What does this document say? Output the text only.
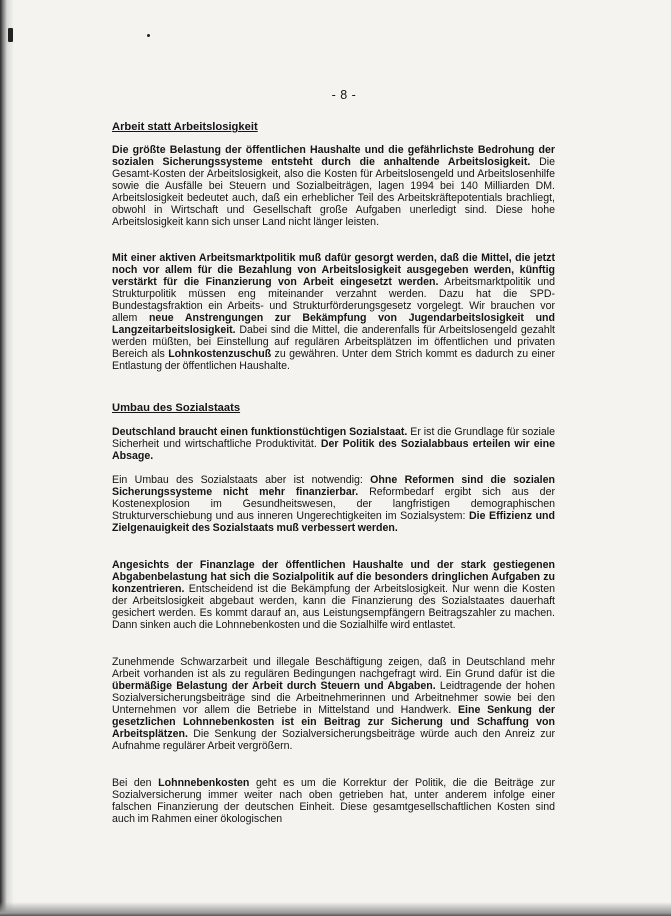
- 8 -
Arbeit statt Arbeitslosigkeit

Die größte Belastung der öffentlichen Haushalte und die gefährlichste Bedrohung der sozialen Sicherungssysteme entsteht durch die anhaltende Arbeitslosigkeit. Die Gesamt-Kosten der Arbeitslosigkeit, also die Kosten für Arbeitslosengeld und Arbeitslosenhilfe sowie die Ausfälle bei Steuern und Sozialbeiträgen, lagen 1994 bei 140 Milliarden DM. Arbeitslosigkeit bedeutet auch, daß ein erheblicher Teil des Arbeitskräftepotentials brachliegt, obwohl in Wirtschaft und Gesellschaft große Aufgaben unerledigt sind. Diese hohe Arbeitslosigkeit kann sich unser Land nicht länger leisten.

Mit einer aktiven Arbeitsmarktpolitik muß dafür gesorgt werden, daß die Mittel, die jetzt noch vor allem für die Bezahlung von Arbeitslosigkeit ausgegeben werden, künftig verstärkt für die Finanzierung von Arbeit eingesetzt werden. Arbeitsmarktpolitik und Strukturpolitik müssen eng miteinander verzahnt werden. Dazu hat die SPD-Bundestagsfraktion ein Arbeits- und Strukturförderungsgesetz vorgelegt. Wir brauchen vor allem neue Anstrengungen zur Bekämpfung von Jugendarbeitslosigkeit und Langzeitarbeitslosigkeit. Dabei sind die Mittel, die anderenfalls für Arbeitslosengeld gezahlt werden müßten, bei Einstellung auf regulären Arbeitsplätzen im öffentlichen und privaten Bereich als Lohnkostenzuschuß zu gewähren. Unter dem Strich kommt es dadurch zu einer Entlastung der öffentlichen Haushalte.

Umbau des Sozialstaats

Deutschland braucht einen funktionstüchtigen Sozialstaat. Er ist die Grundlage für soziale Sicherheit und wirtschaftliche Produktivität. Der Politik des Sozialabbaus erteilen wir eine Absage.

Ein Umbau des Sozialstaats aber ist notwendig: Ohne Reformen sind die sozialen Sicherungssysteme nicht mehr finanzierbar. Reformbedarf ergibt sich aus der Kostenexplosion im Gesundheitswesen, der langfristigen demographischen Strukturverschiebung und aus inneren Ungerechtigkeiten im Sozialsystem: Die Effizienz und Zielgenauigkeit des Sozialstaats muß verbessert werden.

Angesichts der Finanzlage der öffentlichen Haushalte und der stark gestiegenen Abgabenbelastung hat sich die Sozialpolitik auf die besonders dringlichen Aufgaben zu konzentrieren. Entscheidend ist die Bekämpfung der Arbeitslosigkeit. Nur wenn die Kosten der Arbeitslosigkeit abgebaut werden, kann die Finanzierung des Sozialstaates dauerhaft gesichert werden. Es kommt darauf an, aus Leistungsempfängern Beitragszahler zu machen. Dann sinken auch die Lohnnebenkosten und die Sozialhilfe wird entlastet.

Zunehmende Schwarzarbeit und illegale Beschäftigung zeigen, daß in Deutschland mehr Arbeit vorhanden ist als zu regulären Bedingungen nachgefragt wird. Ein Grund dafür ist die übermäßige Belastung der Arbeit durch Steuern und Abgaben. Leidtragende der hohen Sozialversicherungsbeiträge sind die Arbeitnehmerinnen und Arbeitnehmer sowie bei den Unternehmen vor allem die Betriebe in Mittelstand und Handwerk. Eine Senkung der gesetzlichen Lohnnebenkosten ist ein Beitrag zur Sicherung und Schaffung von Arbeitsplätzen. Die Senkung der Sozialversicherungsbeiträge würde auch den Anreiz zur Aufnahme regulärer Arbeit vergrößern.

Bei den Lohnnebenkosten geht es um die Korrektur der Politik, die die Beiträge zur Sozialversicherung immer weiter nach oben getrieben hat, unter anderem infolge einer falschen Finanzierung der deutschen Einheit. Diese gesamtgesellschaftlichen Kosten sind auch im Rahmen einer ökologischen
